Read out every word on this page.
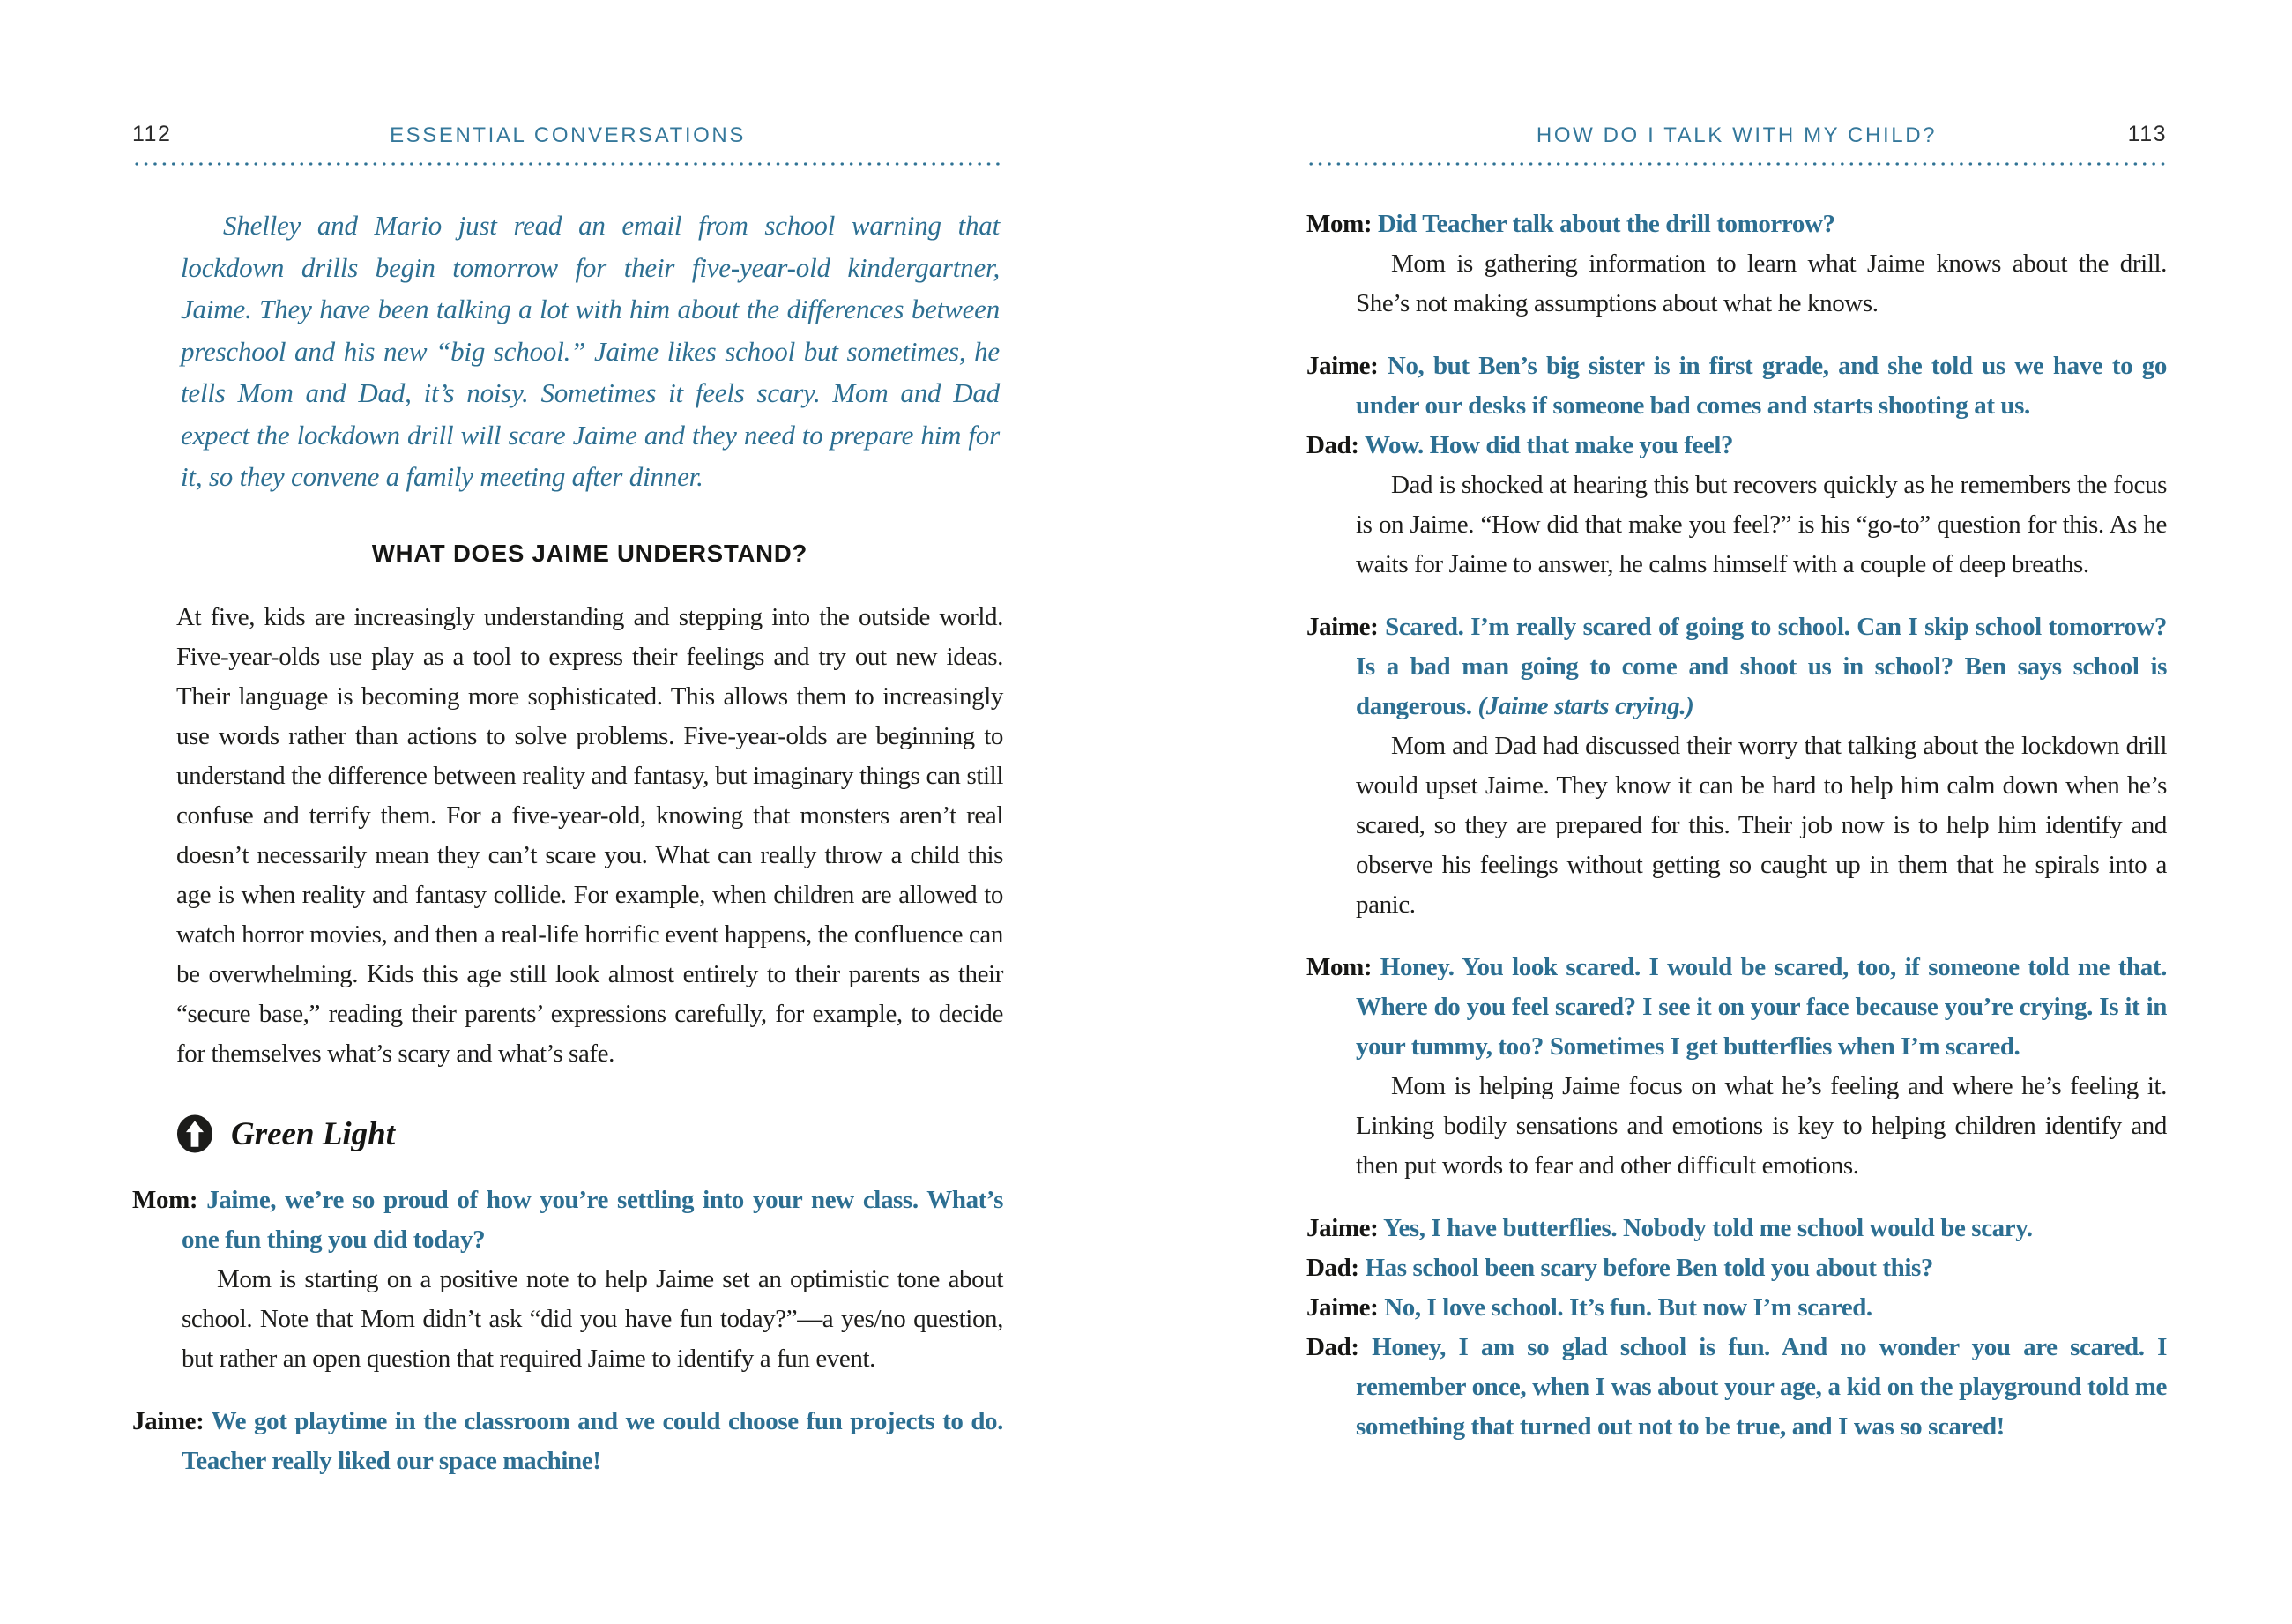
112	ESSENTIAL CONVERSATIONS

Shelley and Mario just read an email from school warning that lockdown drills begin tomorrow for their five-year-old kindergartner, Jaime. They have been talking a lot with him about the differences between preschool and his new “big school.” Jaime likes school but sometimes, he tells Mom and Dad, it’s noisy. Sometimes it feels scary. Mom and Dad expect the lockdown drill will scare Jaime and they need to prepare him for it, so they convene a family meeting after dinner.

WHAT DOES JAIME UNDERSTAND?

At five, kids are increasingly understanding and stepping into the outside world. Five-year-olds use play as a tool to express their feelings and try out new ideas. Their language is becoming more sophisticated. This allows them to increasingly use words rather than actions to solve problems. Five-year-olds are beginning to understand the difference between reality and fantasy, but imaginary things can still confuse and terrify them. For a five-year-old, knowing that monsters aren’t real doesn’t necessarily mean they can’t scare you. What can really throw a child this age is when reality and fantasy collide. For example, when children are allowed to watch horror movies, and then a real-life horrific event happens, the confluence can be overwhelming. Kids this age still look almost entirely to their parents as their “secure base,” reading their parents’ expressions carefully, for example, to decide for themselves what’s scary and what’s safe.

Green Light

Mom: Jaime, we’re so proud of how you’re settling into your new class. What’s one fun thing you did today?

Mom is starting on a positive note to help Jaime set an optimistic tone about school. Note that Mom didn’t ask “did you have fun today?”—a yes/no question, but rather an open question that required Jaime to identify a fun event.

Jaime: We got playtime in the classroom and we could choose fun projects to do. Teacher really liked our space machine!

HOW DO I TALK WITH MY CHILD?	113

Mom: Did Teacher talk about the drill tomorrow?

Mom is gathering information to learn what Jaime knows about the drill. She’s not making assumptions about what he knows.

Jaime: No, but Ben’s big sister is in first grade, and she told us we have to go under our desks if someone bad comes and starts shooting at us.

Dad: Wow. How did that make you feel?

Dad is shocked at hearing this but recovers quickly as he remembers the focus is on Jaime. “How did that make you feel?” is his “go-to” question for this. As he waits for Jaime to answer, he calms himself with a couple of deep breaths.

Jaime: Scared. I’m really scared of going to school. Can I skip school tomorrow? Is a bad man going to come and shoot us in school? Ben says school is dangerous. (Jaime starts crying.)

Mom and Dad had discussed their worry that talking about the lockdown drill would upset Jaime. They know it can be hard to help him calm down when he’s scared, so they are prepared for this. Their job now is to help him identify and observe his feelings without getting so caught up in them that he spirals into a panic.

Mom: Honey. You look scared. I would be scared, too, if someone told me that. Where do you feel scared? I see it on your face because you’re crying. Is it in your tummy, too? Sometimes I get butterflies when I’m scared.

Mom is helping Jaime focus on what he’s feeling and where he’s feeling it. Linking bodily sensations and emotions is key to helping children identify and then put words to fear and other difficult emotions.

Jaime: Yes, I have butterflies. Nobody told me school would be scary.

Dad: Has school been scary before Ben told you about this?

Jaime: No, I love school. It’s fun. But now I’m scared.

Dad: Honey, I am so glad school is fun. And no wonder you are scared. I remember once, when I was about your age, a kid on the playground told me something that turned out not to be true, and I was so scared!
